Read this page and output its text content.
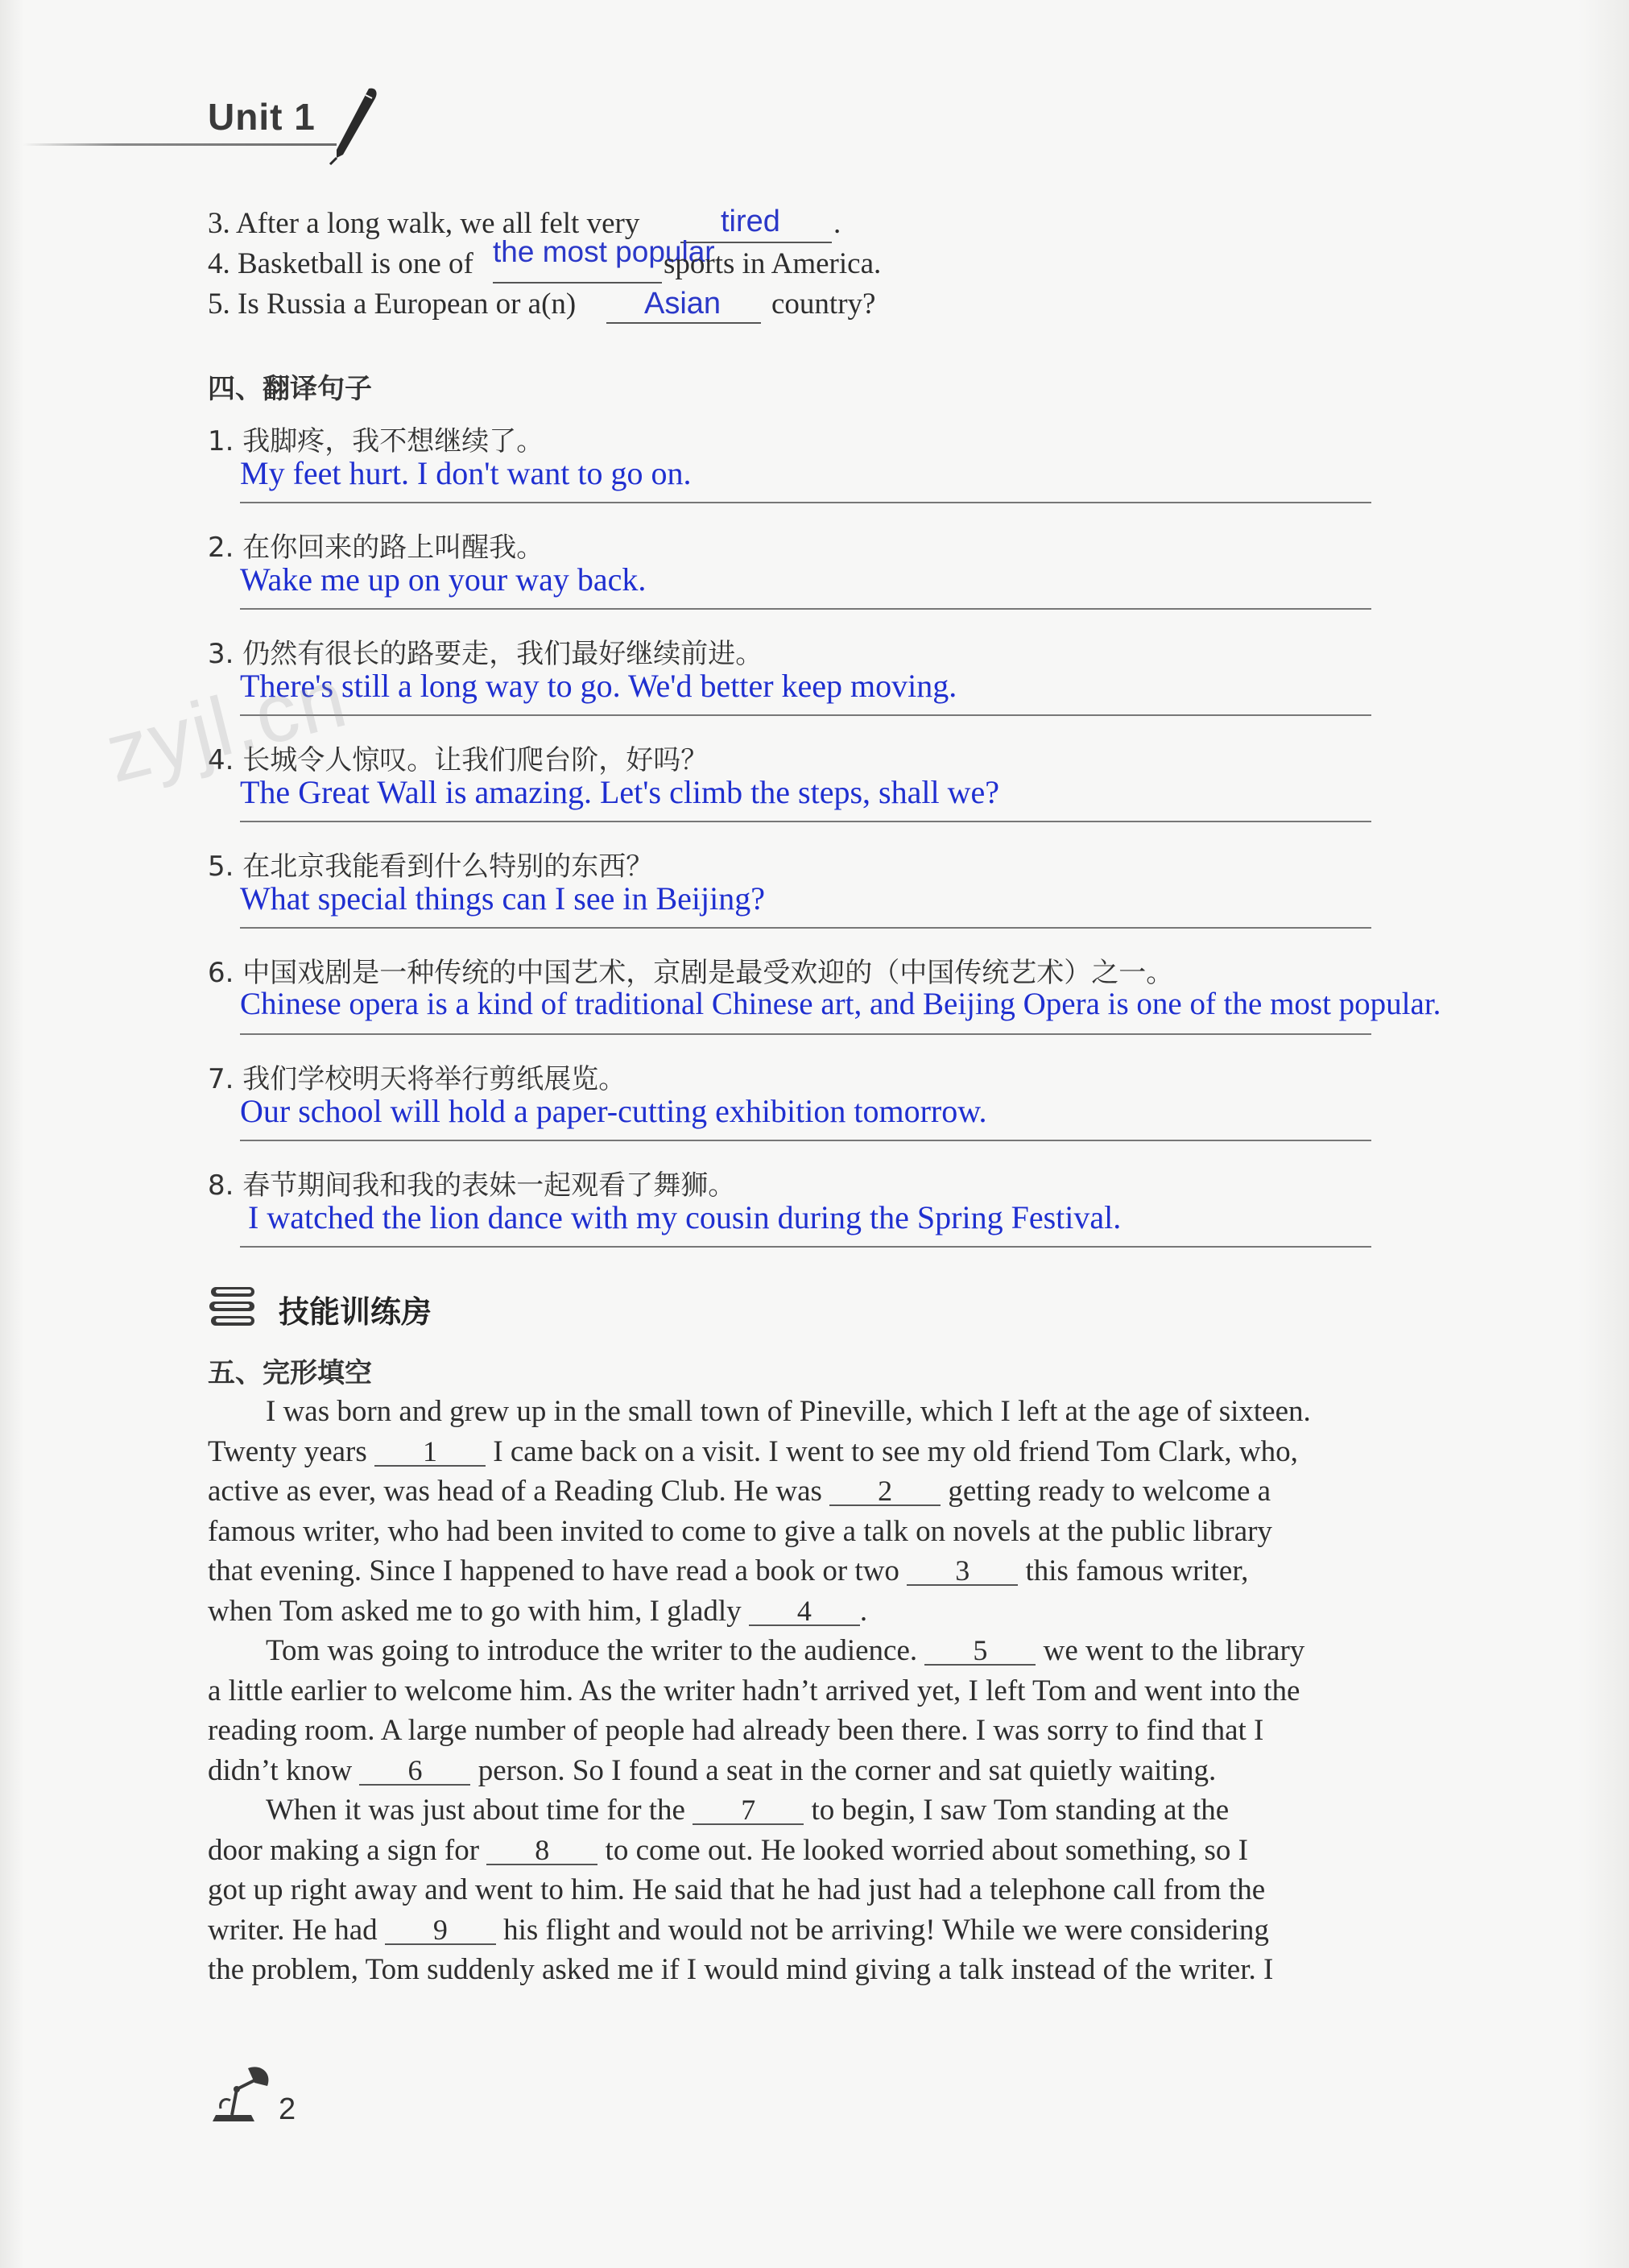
Unit 1
3. After a long walk, we all felt very	tired .
4. Basketball is one of the most popular
sports in America.
5. Is Russia a European or a(n) Asian country?
四、翻译句子
1. 我脚疼，我不想继续了。
My feet hurt. I don't want to go on.
2. 在你回来的路上叫醒我。
Wake me up on your way back.
3. 仍然有很长的路要走，我们最好继续前进。
There's still a long way to go. We'd better keep moving.
4. 长城令人惊叹。让我们爬台阶，好吗？
The Great Wall is amazing. Let's climb the steps, shall we?
5. 在北京我能看到什么特别的东西？
What special things can I see in Beijing?
6. 中国戏剧是一种传统的中国艺术，京剧是最受欢迎的（中国传统艺术）之一。
Chinese opera is a kind of traditional Chinese art, and Beijing Opera is one of the most popular.
7. 我们学校明天将举行剪纸展览。
Our school will hold a paper-cutting exhibition tomorrow.
8. 春节期间我和我的表妹一起观看了舞狮。
I watched the lion dance with my cousin during the Spring Festival.
zyjl.cn
技能训练房
五、完形填空
I was born and grew up in the small town of Pineville, which I left at the age of sixteen.
Twenty years 1 I came back on a visit. I went to see my old friend Tom Clark, who,
active as ever, was head of a Reading Club. He was 2 getting ready to welcome a
famous writer, who had been invited to come to give a talk on novels at the public library
that evening. Since I happened to have read a book or two 3 this famous writer,
when Tom asked me to go with him, I gladly 4 .
Tom was going to introduce the writer to the audience. 5 we went to the library
a little earlier to welcome him. As the writer hadn’t arrived yet, I left Tom and went into the
reading room. A large number of people had already been there. I was sorry to find that I
didn’t know 6 person. So I found a seat in the corner and sat quietly waiting.
When it was just about time for the 7 to begin, I saw Tom standing at the
door making a sign for 8 to come out. He looked worried about something, so I
got up right away and went to him. He said that he had just had a telephone call from the
writer. He had 9 his flight and would not be arriving! While we were considering
the problem, Tom suddenly asked me if I would mind giving a talk instead of the writer. I
2
